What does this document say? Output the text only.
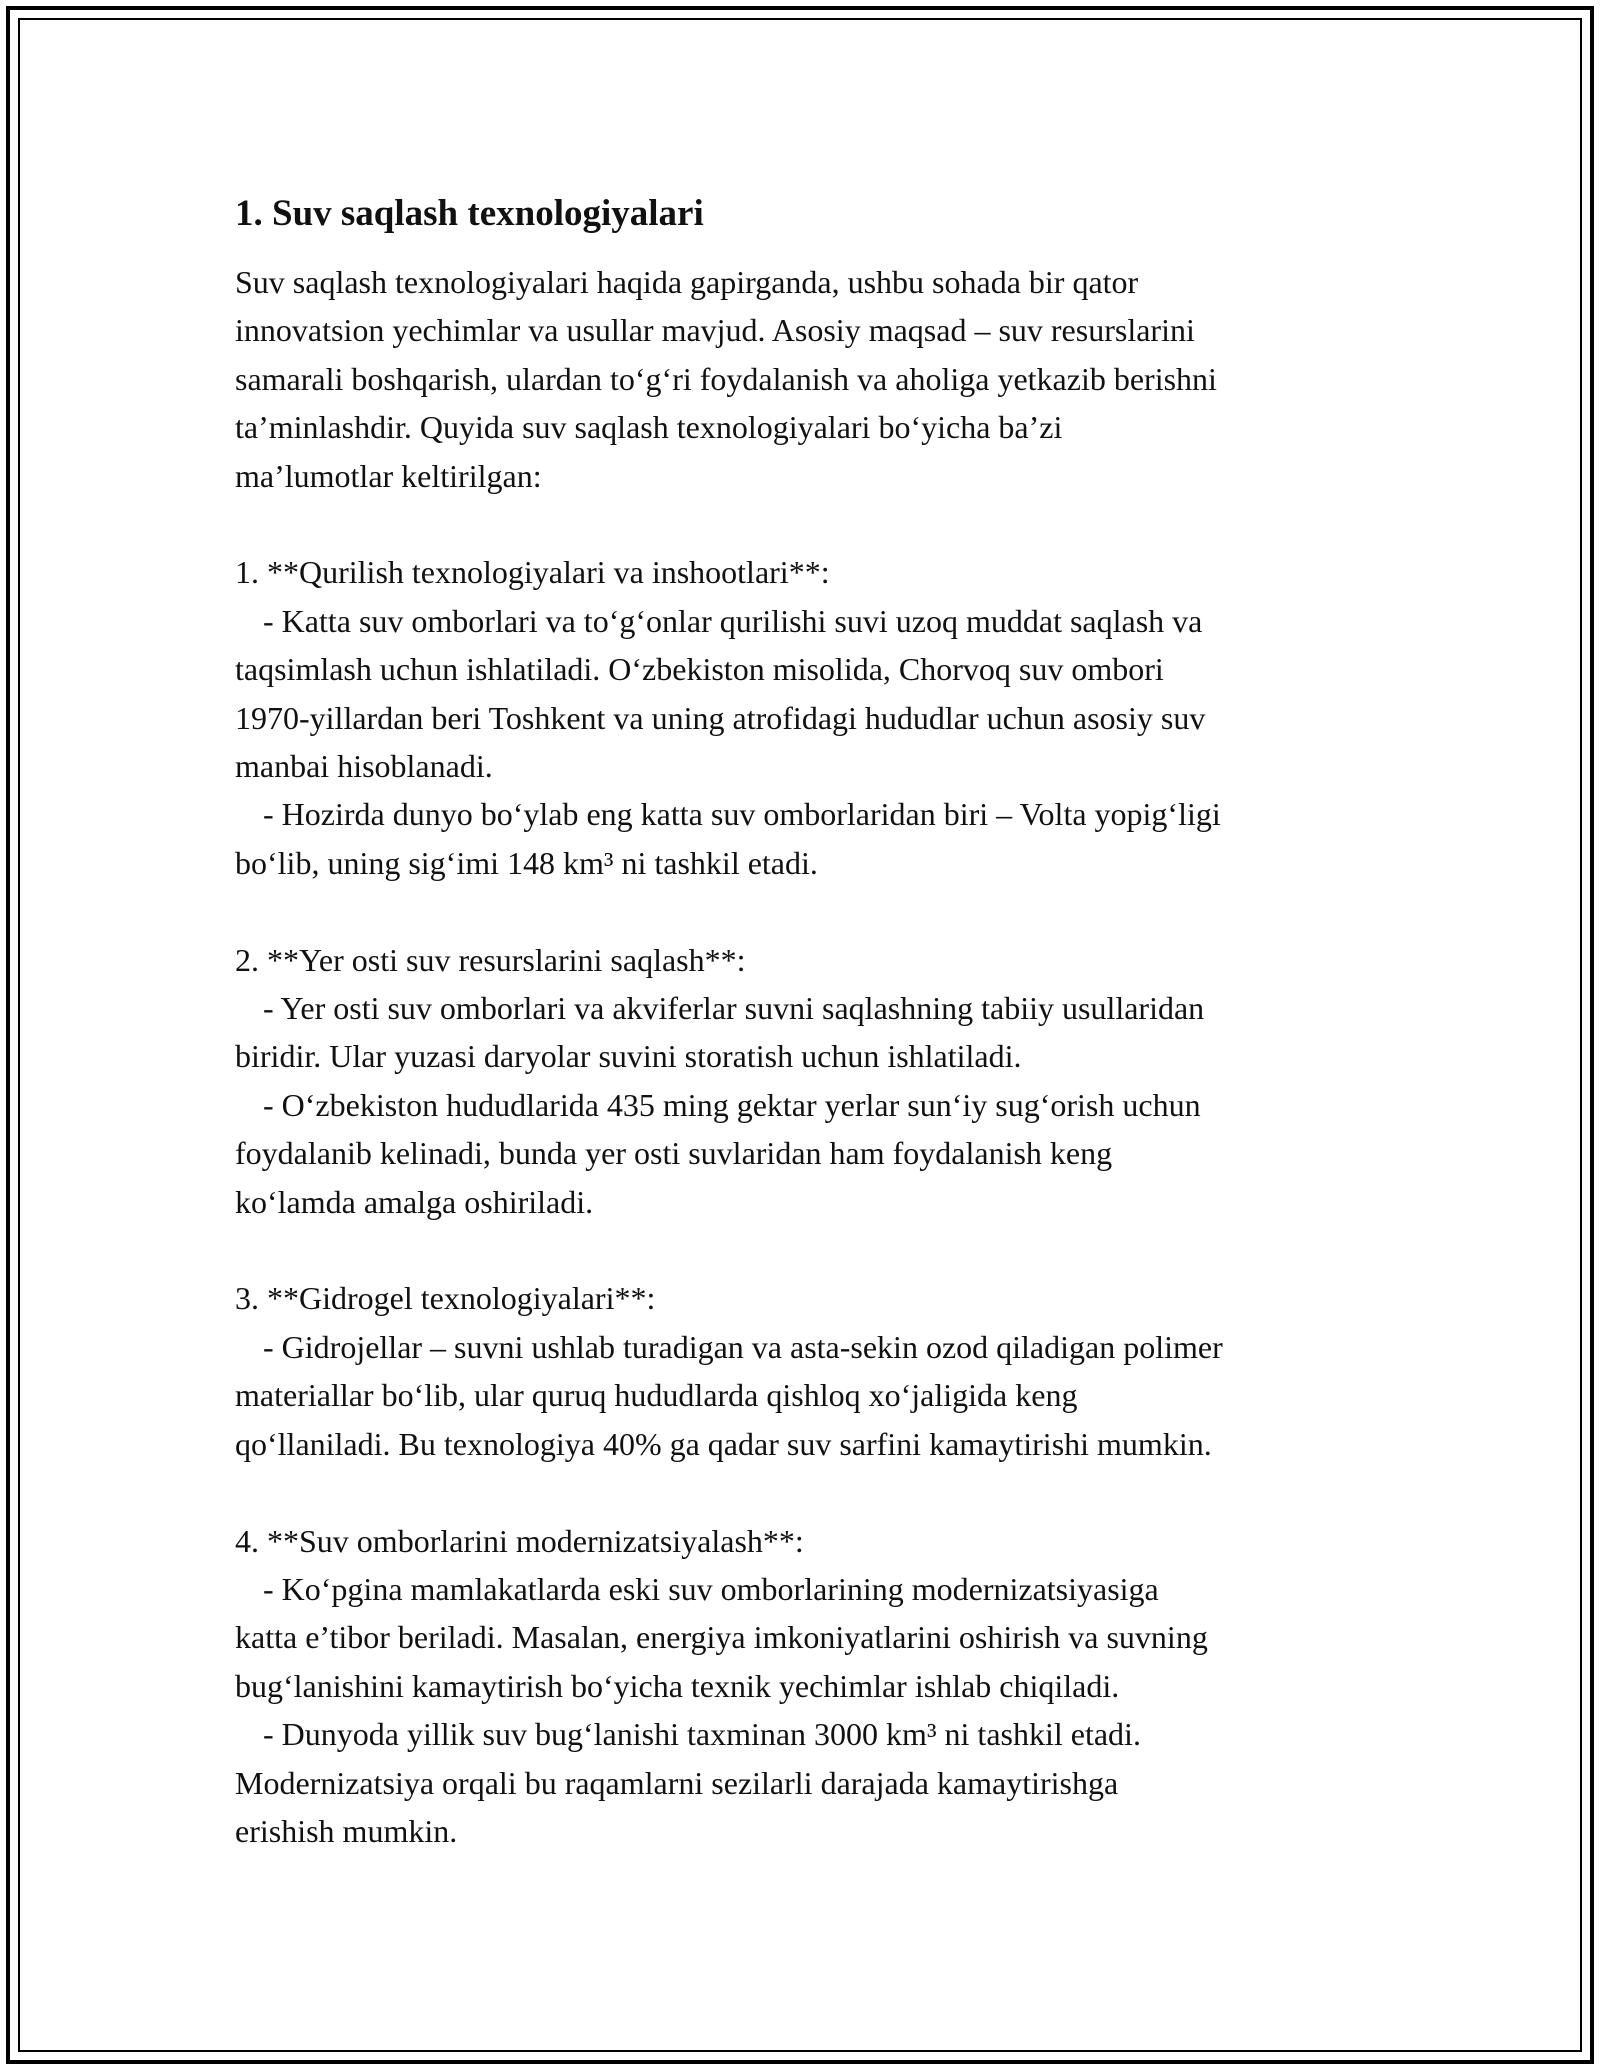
1. Suv saqlash texnologiyalari
Suv saqlash texnologiyalari haqida gapirganda, ushbu sohada bir qator
innovatsion yechimlar va usullar mavjud. Asosiy maqsad – suv resurslarini
samarali boshqarish, ulardan to‘g‘ri foydalanish va aholiga yetkazib berishni
ta’minlashdir. Quyida suv saqlash texnologiyalari bo‘yicha ba’zi
ma’lumotlar keltirilgan:
1. **Qurilish texnologiyalari va inshootlari**:
- Katta suv omborlari va to‘g‘onlar qurilishi suvi uzoq muddat saqlash va
taqsimlash uchun ishlatiladi. O‘zbekiston misolida, Chorvoq suv ombori
1970-yillardan beri Toshkent va uning atrofidagi hududlar uchun asosiy suv
manbai hisoblanadi.
- Hozirda dunyo bo‘ylab eng katta suv omborlaridan biri – Volta yopig‘ligi
bo‘lib, uning sig‘imi 148 km³ ni tashkil etadi.
2. **Yer osti suv resurslarini saqlash**:
- Yer osti suv omborlari va akviferlar suvni saqlashning tabiiy usullaridan
biridir. Ular yuzasi daryolar suvini storatish uchun ishlatiladi.
- O‘zbekiston hududlarida 435 ming gektar yerlar sun‘iy sug‘orish uchun
foydalanib kelinadi, bunda yer osti suvlaridan ham foydalanish keng
ko‘lamda amalga oshiriladi.
3. **Gidrogel texnologiyalari**:
- Gidrojellar – suvni ushlab turadigan va asta-sekin ozod qiladigan polimer
materiallar bo‘lib, ular quruq hududlarda qishloq xo‘jaligida keng
qo‘llaniladi. Bu texnologiya 40% ga qadar suv sarfini kamaytirishi mumkin.
4. **Suv omborlarini modernizatsiyalash**:
- Ko‘pgina mamlakatlarda eski suv omborlarining modernizatsiyasiga
katta e’tibor beriladi. Masalan, energiya imkoniyatlarini oshirish va suvning
bug‘lanishini kamaytirish bo‘yicha texnik yechimlar ishlab chiqiladi.
- Dunyoda yillik suv bug‘lanishi taxminan 3000 km³ ni tashkil etadi.
Modernizatsiya orqali bu raqamlarni sezilarli darajada kamaytirishga
erishish mumkin.
